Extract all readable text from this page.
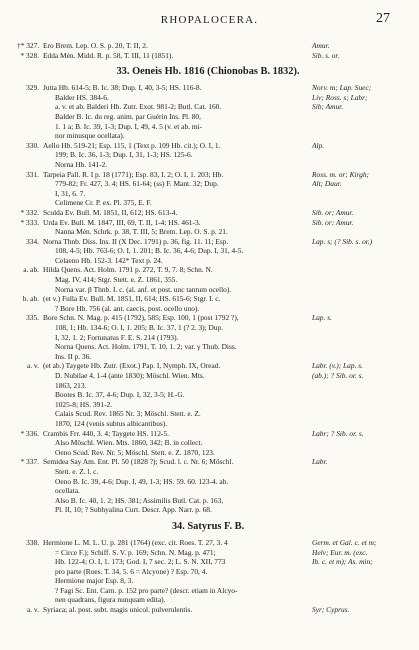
RHOPALOCERA.	27
†* 327. Ero Brem. Lep. O. S. p. 20, T. II, 2.	Amur.
* 328. Edda Mén. Midd. R. p. 58, T. III, 11 (1851).	Sib. s. or.
33. Oeneis Hb. 1816 (Chionobas B. 1832).
329. Jutta Hb. 614-5; B. Ic. 38; Dup. I, 40, 3-5; HS. 116-8.	Norv. m; Lap. Suec;
Balder HS. 384-6.	Liv; Ross. s; Labr;
a. v. et ab. Balderi Hb. Zutr. Exot. 981-2; Butl. Cat. 160.	Sib; Amur.
Balder B. Ic. du reg. anim. par Guérin Ins. Pl. 80,
1. 1 a; B. Ic. 39, 1-3; Dup. I, 49, 4. 5 (v. et ab. mi-
nor minusque ocellata).
330. Aello Hb. 519-21; Esp. 115, 1 (Text p. 109 Hb. cit.); O. I, 1.	Alp.
199; B. Ic. 36, 1-3; Dup. I, 31, 1-3; HS. 125-6.
Norna Hb. 141-2.
331. Tarpeia Pall. R. I p. 18 (1771); Esp. 83, I. 2; O. I, 1. 203; Hb.	Ross. m. or; Kirgh;
779-82; Fr. 427, 3. 4; HS. 61-64; (ss) F. Mant. 32; Dup.	Alt; Daur.
I, 31, 6. 7.
Celimene Cr. P. ex. Pl. 375, E. F.
* 332. Sculda Ev. Bull. M. 1851, II, 612; HS. 613-4.	Sib. or; Amur.
* 333. Urda Ev. Bull. M. 1847, III, 69, T. II, 1-4; HS. 461-3.	Sib. or; Amur.
Nanna Mén. Schrk. p. 38, T. III, 5; Brem. Lep. O. S. p. 21.
334. Norna Thnb. Diss. Ins. II (X Dec. 1791) p. 36, fig. 11. 11; Esp.	Lap. s; (? Sib. s. or.)
108, 4-5; Hb. 763-6; O. I, 1. 201; B. Ic. 36, 4-6; Dup. I, 31, 4-5.
Celaeno Hb. 152-3. 142* Text p. 24.
a. ab. Hilda Quens. Act. Holm. 1791 p. 272, T. 9, 7. 8; Schn. N.
Mag. IV, 414; Stgr. Stett. e. Z. 1861, 355.
Norna var. β Thnb. I. c. (al. anf. et post. unc tantum ocello).
b. ab. (et v.) Fulla Ev. Bull. M. 1851, II, 614; HS. 615-6; Stgr. I. c.
? Bore Hb. 756 (al. ant. caecis, post. ocello uno).
335. Bore Schn. N. Mag. p. 415 (1792), 585; Esp. 100, 1 (post 1792 ?),	Lap. s.
108, 1; Hb. 134-6; O. I, 1. 205; B. Ic. 37, 1 (? 2. 3); Dup.
I, 32, 1. 2; Fortunatus F. E. S. 214 (1793).
Norna Quens. Act. Holm. 1791, T. 10, 1. 2; var. γ Thub. Diss.
Ins. II p. 36.
a. v. (et ab.) Taygete Hb. Zutr. (Exot.) Pap. I, Nymph. IX, Oread.	Labr. (v.); Lap. s.
D. Nubilae 4, 1-4 (ante 1830); Möschl. Wien. Mts.	(ab.); ? Sib. or. s.
1863, 213.
Bootes B. Ic. 37, 4-6; Dup. I, 32, 3-5; H.-G.
1025-8; HS. 391-2.
Calais Scud. Rev. 1865 Nr. 3; Möschl. Stett. e. Z.
1870, 124 (venis subtus albicantibus).
* 336. Crambis Frr. 440, 3. 4; Taygete HS. 112-5.	Labr; ? Sib. or. s.
Also Möschl. Wien. Mts. 1860, 342; B. in collect.
Oeno Scud. Rev. Nr. 5; Möschl. Stett. e. Z. 1870, 123.
* 337. Semidea Say Am. Ent. Pl. 50 (1828 ?); Scud. l. c. Nr. 6; Möschl.	Labr.
Stett. e. Z. l. c.
Oeno B. Ic. 39, 4-6; Dup. I, 49, 1-3; HS. 59. 60. 123-4. ab.
ocellata.
Also B. Ic. 40, 1. 2; HS. 381; Assimilis Butl. Cat. p. 163,
Pl. II, 10; ? Subhyalina Curt. Descr. App. Narr. p. 68.
34. Satyrus F. B.
338. Hermione L. M. L. U. p. 281 (1764) (exc. cit. Roes. T. 27, 3. 4	Germ. et Gal. c. et m;
= Circe F.); Schiff. S. V. p. 169; Schn. N. Mag. p. 471;	Helv; Eur. m. (exc.
Hb. 122-4; O. I, 1. 173; God. I, 7 sec. 2; L. S. N. XII, 773	Ib. c. et m); As. min;
pro parte (Roes. T. 34, 5. 6 = Alcyone) ? Esp. 70, 4.
Hermione major Esp. 8, 3.
? Fagi Sc. Ent. Carn. p. 152 pro parte? (descr. etiam in Alcyo-
nen quadrans, figura nunquam edita).
a. v. Syriaca; al. post. subt. magis unicol. pulverulentis.	Syr; Cyprus.
